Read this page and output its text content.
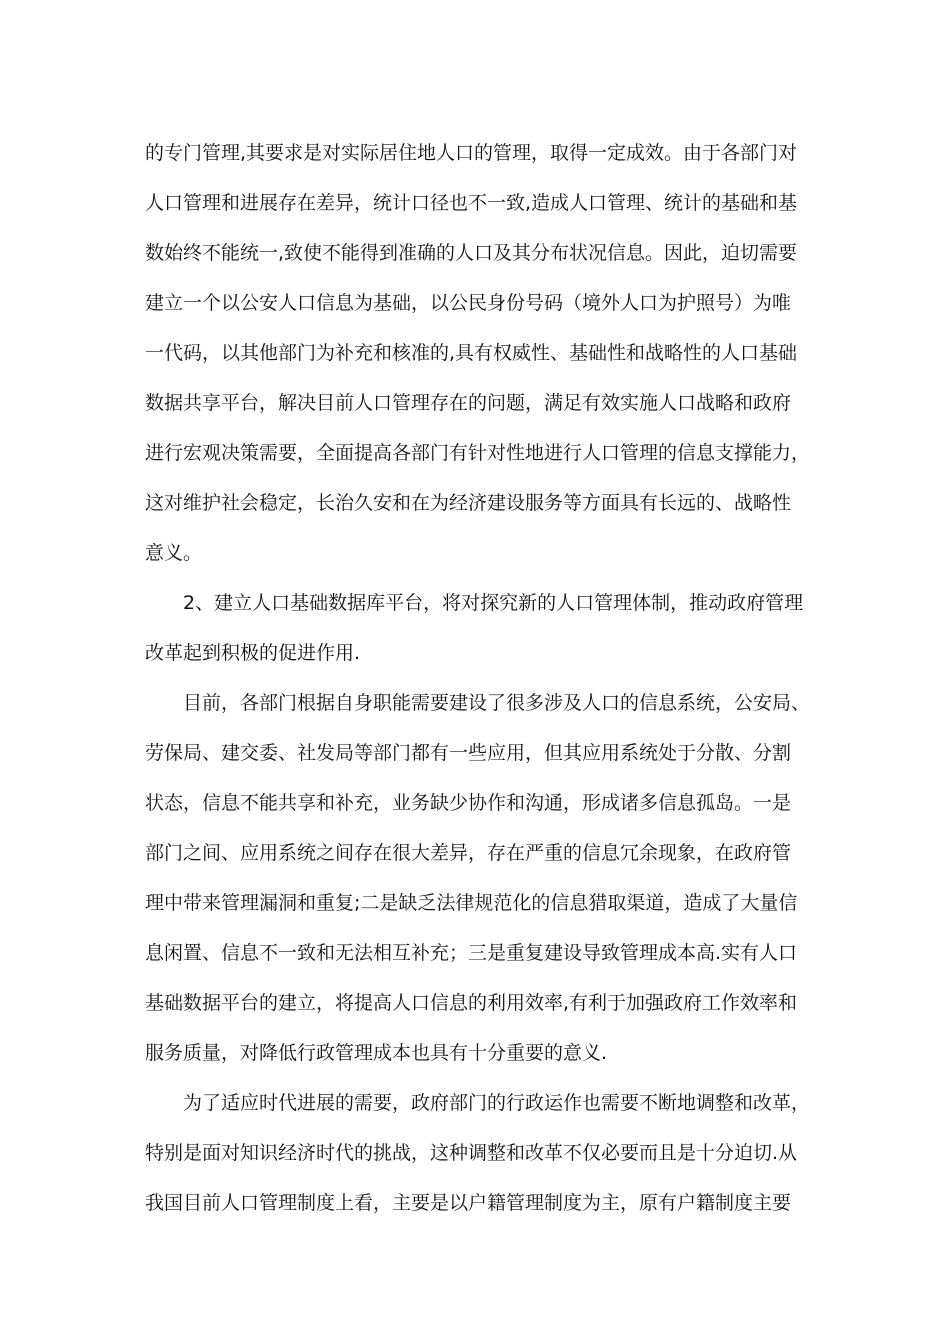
的专门管理,其要求是对实际居住地人口的管理，取得一定成效。由于各部门对
人口管理和进展存在差异，统计口径也不一致,造成人口管理、统计的基础和基
数始终不能统一,致使不能得到准确的人口及其分布状况信息。因此，迫切需要
建立一个以公安人口信息为基础，以公民身份号码（境外人口为护照号）为唯
一代码，以其他部门为补充和核准的,具有权威性、基础性和战略性的人口基础
数据共享平台，解决目前人口管理存在的问题，满足有效实施人口战略和政府
进行宏观决策需要，全面提高各部门有针对性地进行人口管理的信息支撑能力，
这对维护社会稳定，长治久安和在为经济建设服务等方面具有长远的、战略性
意义。
2、建立人口基础数据库平台，将对探究新的人口管理体制，推动政府管理
改革起到积极的促进作用.
目前，各部门根据自身职能需要建设了很多涉及人口的信息系统，公安局、
劳保局、建交委、社发局等部门都有一些应用，但其应用系统处于分散、分割
状态，信息不能共享和补充，业务缺少协作和沟通，形成诸多信息孤岛。一是
部门之间、应用系统之间存在很大差异，存在严重的信息冗余现象，在政府管
理中带来管理漏洞和重复;二是缺乏法律规范化的信息猎取渠道，造成了大量信
息闲置、信息不一致和无法相互补充；三是重复建设导致管理成本高.实有人口
基础数据平台的建立，将提高人口信息的利用效率,有利于加强政府工作效率和
服务质量，对降低行政管理成本也具有十分重要的意义.
为了适应时代进展的需要，政府部门的行政运作也需要不断地调整和改革，
特别是面对知识经济时代的挑战，这种调整和改革不仅必要而且是十分迫切.从
我国目前人口管理制度上看，主要是以户籍管理制度为主，原有户籍制度主要
